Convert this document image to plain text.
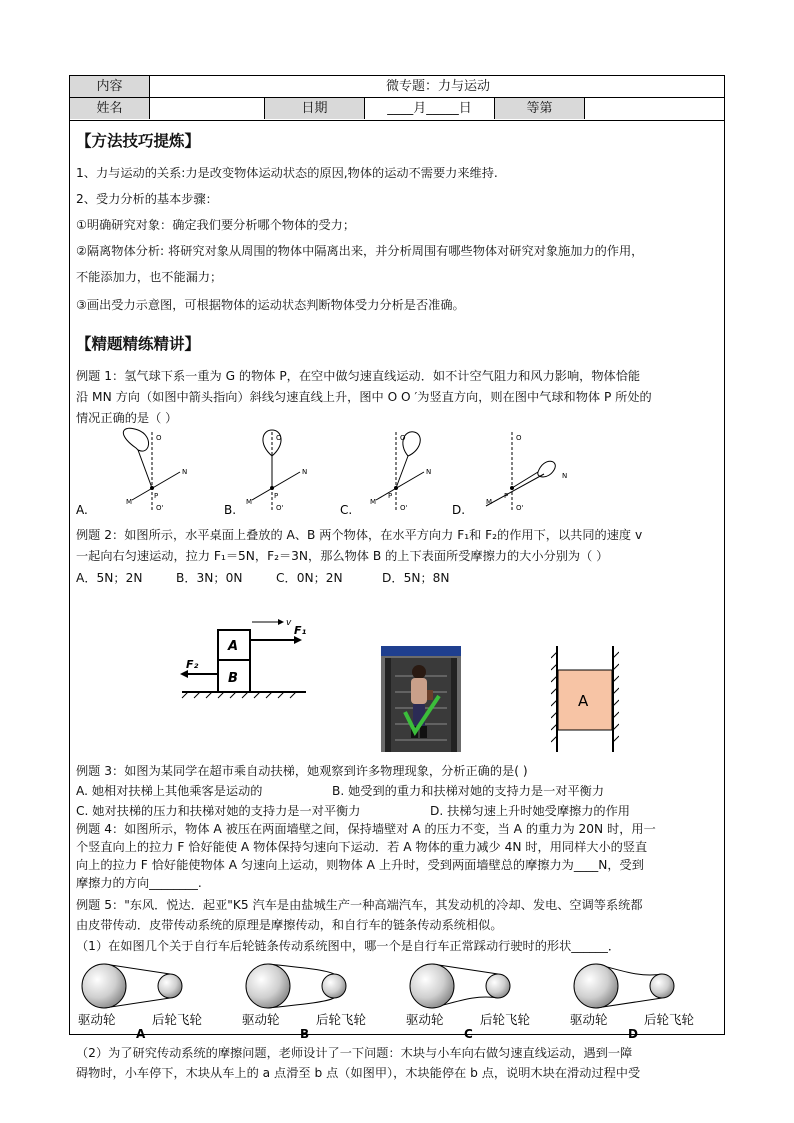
内容	微专题：力与运动
姓名	日期	____月_____日	等第
【方法技巧提炼】
1、力与运动的关系:力是改变物体运动状态的原因,物体的运动不需要力来维持.
2、受力分析的基本步骤：
①明确研究对象：确定我们要分析哪个物体的受力；
②隔离物体分析: 将研究对象从周围的物体中隔离出来，并分析周围有哪些物体对研究对象施加力的作用，
不能添加力，也不能漏力；
③画出受力示意图，可根据物体的运动状态判断物体受力分析是否准确。
【精题精练精讲】
例题 1：氢气球下系一重为 G 的物体 P，在空中做匀速直线运动．如不计空气阻力和风力影响，物体恰能
沿 MN 方向（如图中箭头指向）斜线匀速直线上升，图中 O O ′为竖直方向，则在图中气球和物体 P 所处的
情况正确的是（ ）
O
O'
M
N
P
A.
O
O'
M
N
P
B.
O
O'
M
N
P
C.
O
O'
M
N
P
D.
例题 2：如图所示，水平桌面上叠放的 A、B 两个物体，在水平方向力 F₁和 F₂的作用下，以共同的速度 v
一起向右匀速运动，拉力 F₁＝5N，F₂＝3N，那么物体 B 的上下表面所受摩擦力的大小分别为（ ）
A．5N；2N	B．3N；0N	C．0N；2N	D．5N；8N
A
B
v
F₁
F₂
A
例题 3：如图为某同学在超市乘自动扶梯，她观察到许多物理现象，分析正确的是( )
A. 她相对扶梯上其他乘客是运动的	B. 她受到的重力和扶梯对她的支持力是一对平衡力
C. 她对扶梯的压力和扶梯对她的支持力是一对平衡力	D. 扶梯匀速上升时她受摩擦力的作用
例题 4：如图所示，物体 A 被压在两面墙壁之间，保持墙壁对 A 的压力不变，当 A 的重力为 20N 时，用一
个竖直向上的拉力 F 恰好能使 A 物体保持匀速向下运动．若 A 物体的重力减少 4N 时，用同样大小的竖直
向上的拉力 F 恰好能使物体 A 匀速向上运动，则物体 A 上升时，受到两面墙壁总的摩擦力为____N，受到
摩擦力的方向________.
例题 5："东风．悦达．起亚"K5 汽车是由盐城生产一种高端汽车，其发动机的冷却、发电、空调等系统都
由皮带传动．皮带传动系统的原理是摩擦传动，和自行车的链条传动系统相似。
（1）在如图几个关于自行车后轮链条传动系统图中，哪一个是自行车正常踩动行驶时的形状______．
驱动轮	后轮飞轮
A
驱动轮	后轮飞轮
B
驱动轮	后轮飞轮
C
驱动轮	后轮飞轮
D
（2）为了研究传动系统的摩擦问题，老师设计了一下问题：木块与小车向右做匀速直线运动，遇到一障
碍物时，小车停下，木块从车上的 a 点滑至 b 点（如图甲），木块能停在 b 点，说明木块在滑动过程中受
